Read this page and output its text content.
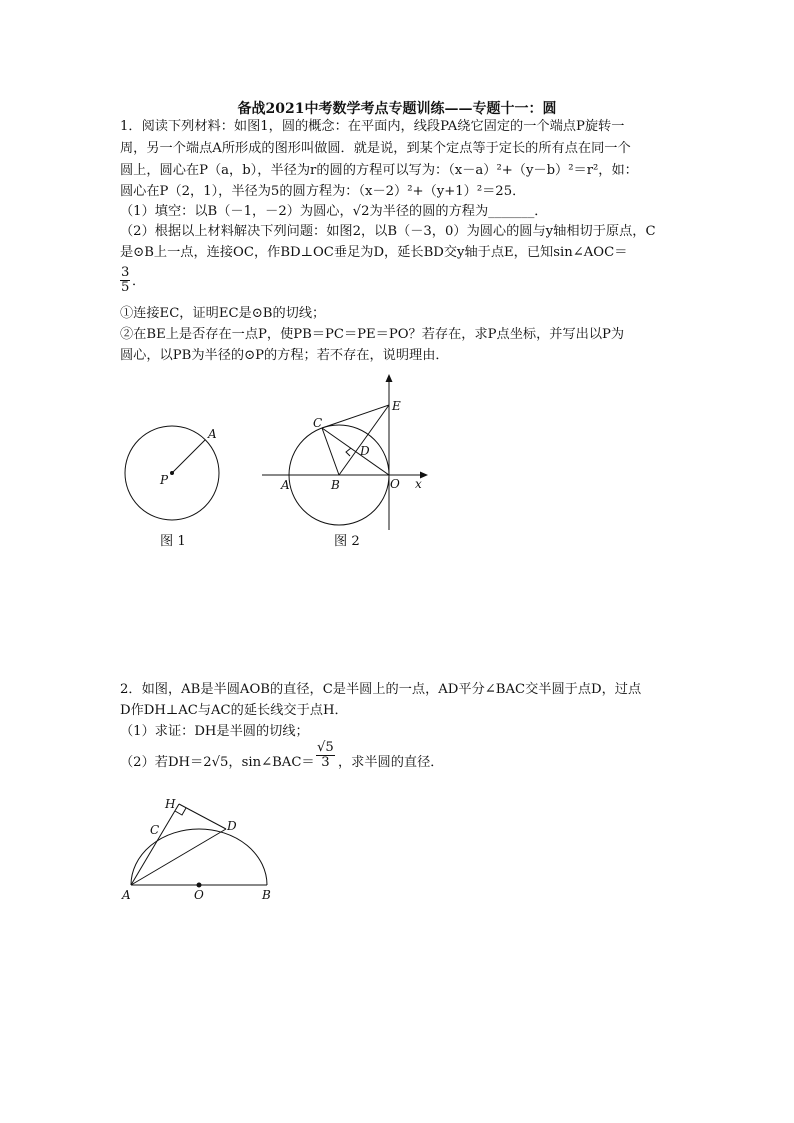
备战2021中考数学考点专题训练——专题十一：圆
1．阅读下列材料：如图1，圆的概念：在平面内，线段PA绕它固定的一个端点P旋转一
周，另一个端点A所形成的图形叫做圆．就是说，到某个定点等于定长的所有点在同一个
圆上，圆心在P（a，b），半径为r的圆的方程可以写为：（x－a）²+（y－b）²＝r²，如：
圆心在P（2，1），半径为5的圆方程为：（x－2）²+（y+1）²＝25．
（1）填空：以B（－1，－2）为圆心，√2为半径的圆的方程为_______．
（2）根据以上材料解决下列问题：如图2，以B（－3，0）为圆心的圆与y轴相切于原点，C
是⊙B上一点，连接OC，作BD⊥OC垂足为D，延长BD交y轴于点E，已知sin∠AOC＝
$\frac{3}{5}$ ．
①连接EC，证明EC是⊙B的切线；
②在BE上是否存在一点P，使PB＝PC＝PE＝PO？若存在，求P点坐标，并写出以P为
圆心，以PB为半径的⊙P的方程；若不存在，说明理由．
A
P
图 1
C
E
D
A	B	O x
图 2
2．如图，AB是半圆AOB的直径，C是半圆上的一点，AD平分∠BAC交半圆于点D，过点
D作DH⊥AC与AC的延长线交于点H．
（1）求证：DH是半圆的切线；
（2）若DH＝2√5，sin∠BAC＝ $\frac{√5}{3}$ ，求半圆的直径．
H
C	D
A	O	B
